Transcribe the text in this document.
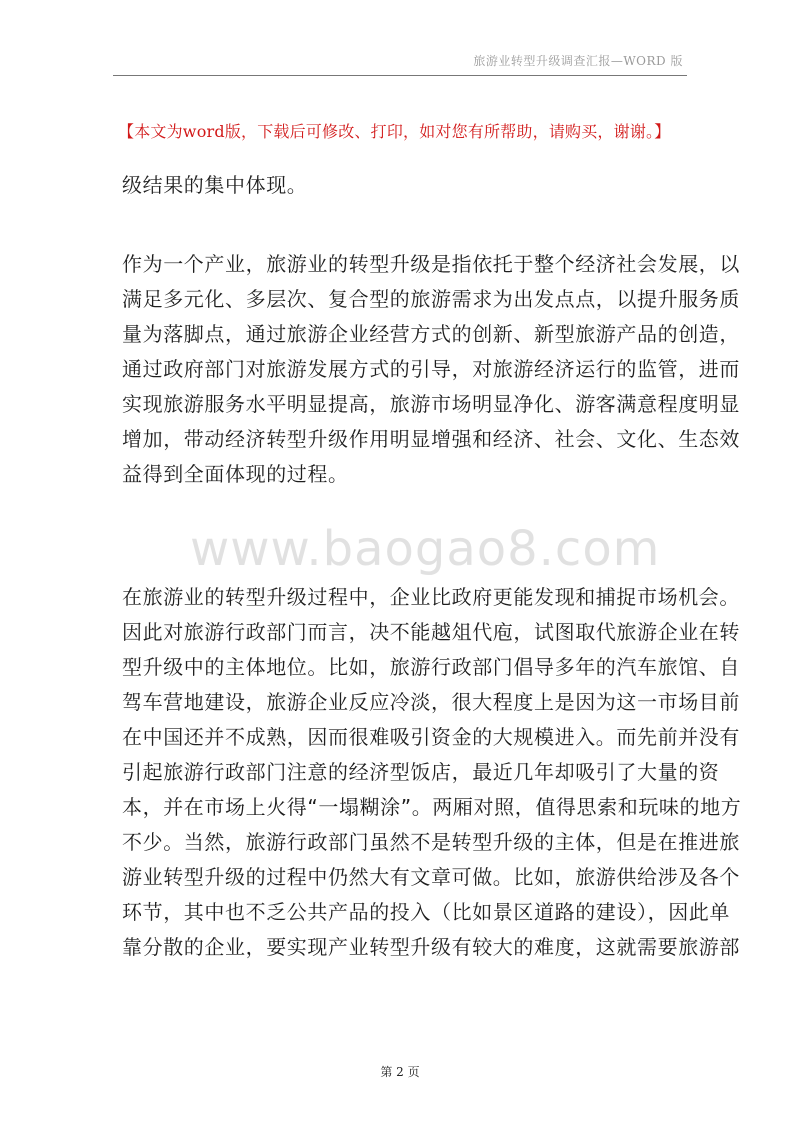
旅游业转型升级调查汇报—WORD 版
【本文为word版，下载后可修改、打印，如对您有所帮助，请购买，谢谢。】

级结果的集中体现。

作为一个产业，旅游业的转型升级是指依托于整个经济社会发展，以
满足多元化、多层次、复合型的旅游需求为出发点点，以提升服务质
量为落脚点，通过旅游企业经营方式的创新、新型旅游产品的创造，
通过政府部门对旅游发展方式的引导，对旅游经济运行的监管，进而
实现旅游服务水平明显提高，旅游市场明显净化、游客满意程度明显
增加，带动经济转型升级作用明显增强和经济、社会、文化、生态效
益得到全面体现的过程。

www.baogao8.com

在旅游业的转型升级过程中，企业比政府更能发现和捕捉市场机会。
因此对旅游行政部门而言，决不能越俎代庖，试图取代旅游企业在转
型升级中的主体地位。比如，旅游行政部门倡导多年的汽车旅馆、自
驾车营地建设，旅游企业反应冷淡，很大程度上是因为这一市场目前
在中国还并不成熟，因而很难吸引资金的大规模进入。而先前并没有
引起旅游行政部门注意的经济型饭店，最近几年却吸引了大量的资
本，并在市场上火得“一塌糊涂”。两厢对照，值得思索和玩味的地方
不少。当然，旅游行政部门虽然不是转型升级的主体，但是在推进旅
游业转型升级的过程中仍然大有文章可做。比如，旅游供给涉及各个
环节，其中也不乏公共产品的投入（比如景区道路的建设），因此单
靠分散的企业，要实现产业转型升级有较大的难度，这就需要旅游部

第 2 页
